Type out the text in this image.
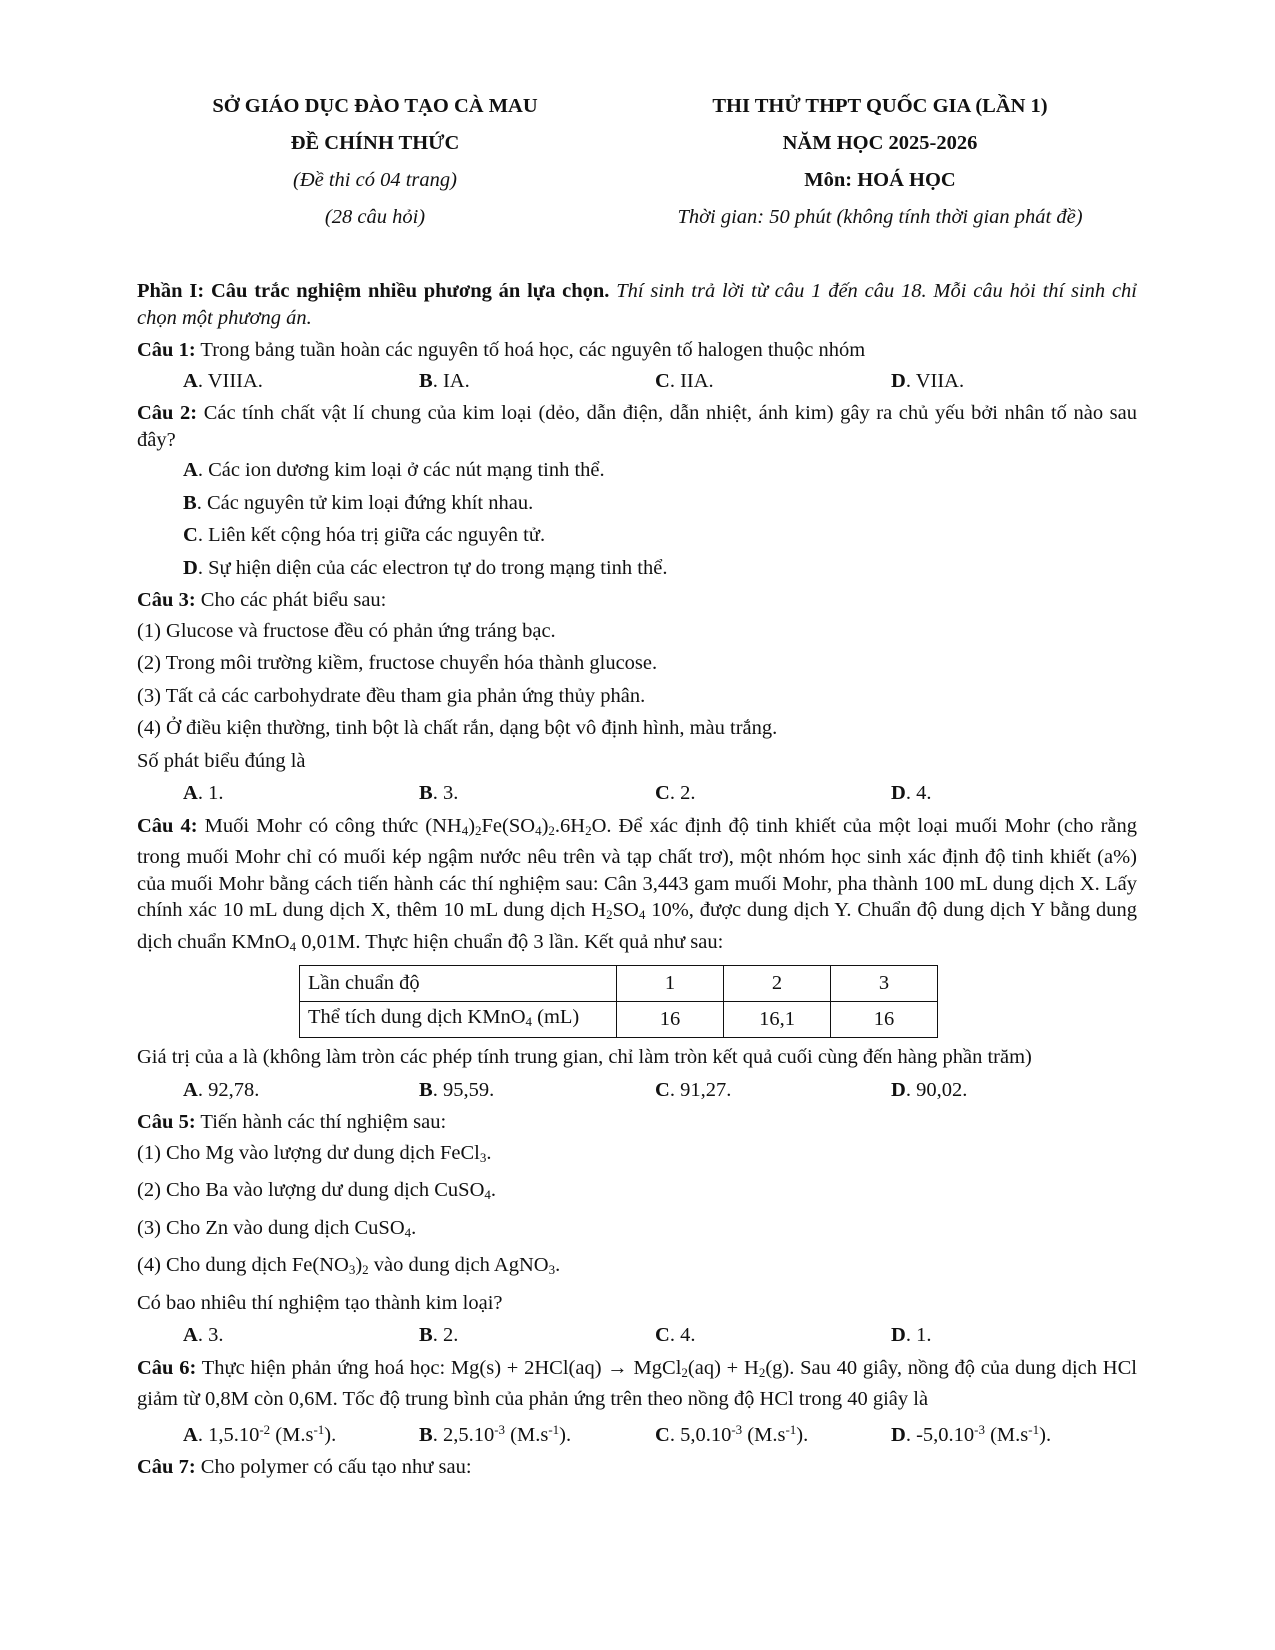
SỞ GIÁO DỤC ĐÀO TẠO CÀ MAU
ĐỀ CHÍNH THỨC
(Đề thi có 04 trang)
(28 câu hỏi)
THI THỬ THPT QUỐC GIA (LẦN 1)
NĂM HỌC 2025-2026
Môn: HOÁ HỌC
Thời gian: 50 phút (không tính thời gian phát đề)
Phần I: Câu trắc nghiệm nhiều phương án lựa chọn. Thí sinh trả lời từ câu 1 đến câu 18. Mỗi câu hỏi thí sinh chỉ chọn một phương án.
Câu 1: Trong bảng tuần hoàn các nguyên tố hoá học, các nguyên tố halogen thuộc nhóm
A. VIIIA.	B. IA.	C. IIA.	D. VIIA.
Câu 2: Các tính chất vật lí chung của kim loại (dẻo, dẫn điện, dẫn nhiệt, ánh kim) gây ra chủ yếu bởi nhân tố nào sau đây?
A. Các ion dương kim loại ở các nút mạng tinh thể.
B. Các nguyên tử kim loại đứng khít nhau.
C. Liên kết cộng hóa trị giữa các nguyên tử.
D. Sự hiện diện của các electron tự do trong mạng tinh thể.
Câu 3: Cho các phát biểu sau:
(1) Glucose và fructose đều có phản ứng tráng bạc.
(2) Trong môi trường kiềm, fructose chuyển hóa thành glucose.
(3) Tất cả các carbohydrate đều tham gia phản ứng thủy phân.
(4) Ở điều kiện thường, tinh bột là chất rắn, dạng bột vô định hình, màu trắng.
Số phát biểu đúng là
A. 1.	B. 3.	C. 2.	D. 4.
Câu 4: Muối Mohr có công thức $(NH_4)_2Fe(SO_4)_2.6H_2O$. Để xác định độ tinh khiết của một loại muối Mohr (cho rằng trong muối Mohr chỉ có muối kép ngậm nước nêu trên và tạp chất trơ), một nhóm học sinh xác định độ tinh khiết (a%) của muối Mohr bằng cách tiến hành các thí nghiệm sau: Cân 3,443 gam muối Mohr, pha thành 100 mL dung dịch X. Lấy chính xác 10 mL dung dịch X, thêm 10 mL dung dịch $H_2SO_4$ 10%, được dung dịch Y. Chuẩn độ dung dịch Y bằng dung dịch chuẩn KMnO$_4$ 0,01M. Thực hiện chuẩn độ 3 lần. Kết quả như sau:
Lần chuẩn độ	1	2	3
Thể tích dung dịch KMnO$_4$ (mL)	16	16,1	16
Giá trị của a là (không làm tròn các phép tính trung gian, chỉ làm tròn kết quả cuối cùng đến hàng phần trăm)
A. 92,78.	B. 95,59.	C. 91,27.	D. 90,02.
Câu 5: Tiến hành các thí nghiệm sau:
(1) Cho Mg vào lượng dư dung dịch FeCl$_3$.
(2) Cho Ba vào lượng dư dung dịch CuSO$_4$.
(3) Cho Zn vào dung dịch CuSO$_4$.
(4) Cho dung dịch $Fe(NO_3)_2$ vào dung dịch AgNO$_3$.
Có bao nhiêu thí nghiệm tạo thành kim loại?
A. 3.	B. 2.	C. 4.	D. 1.
Câu 6: Thực hiện phản ứng hoá học: Mg(s) + 2HCl(aq) → MgCl$_2$(aq) + $H_2(g)$. Sau 40 giây, nồng độ của dung dịch HCl giảm từ 0,8M còn 0,6M. Tốc độ trung bình của phản ứng trên theo nồng độ HCl trong 40 giây là
A. $1,5.10^{-2}$ $(M.s^{-1})$.	B. $2,5.10^{-3}$ $(M.s^{-1})$.	C. $5,0.10^{-3}$ $(M.s^{-1})$.	D. $-5,0.10^{-3}$ $(M.s^{-1})$.
Câu 7: Cho polymer có cấu tạo như sau:
